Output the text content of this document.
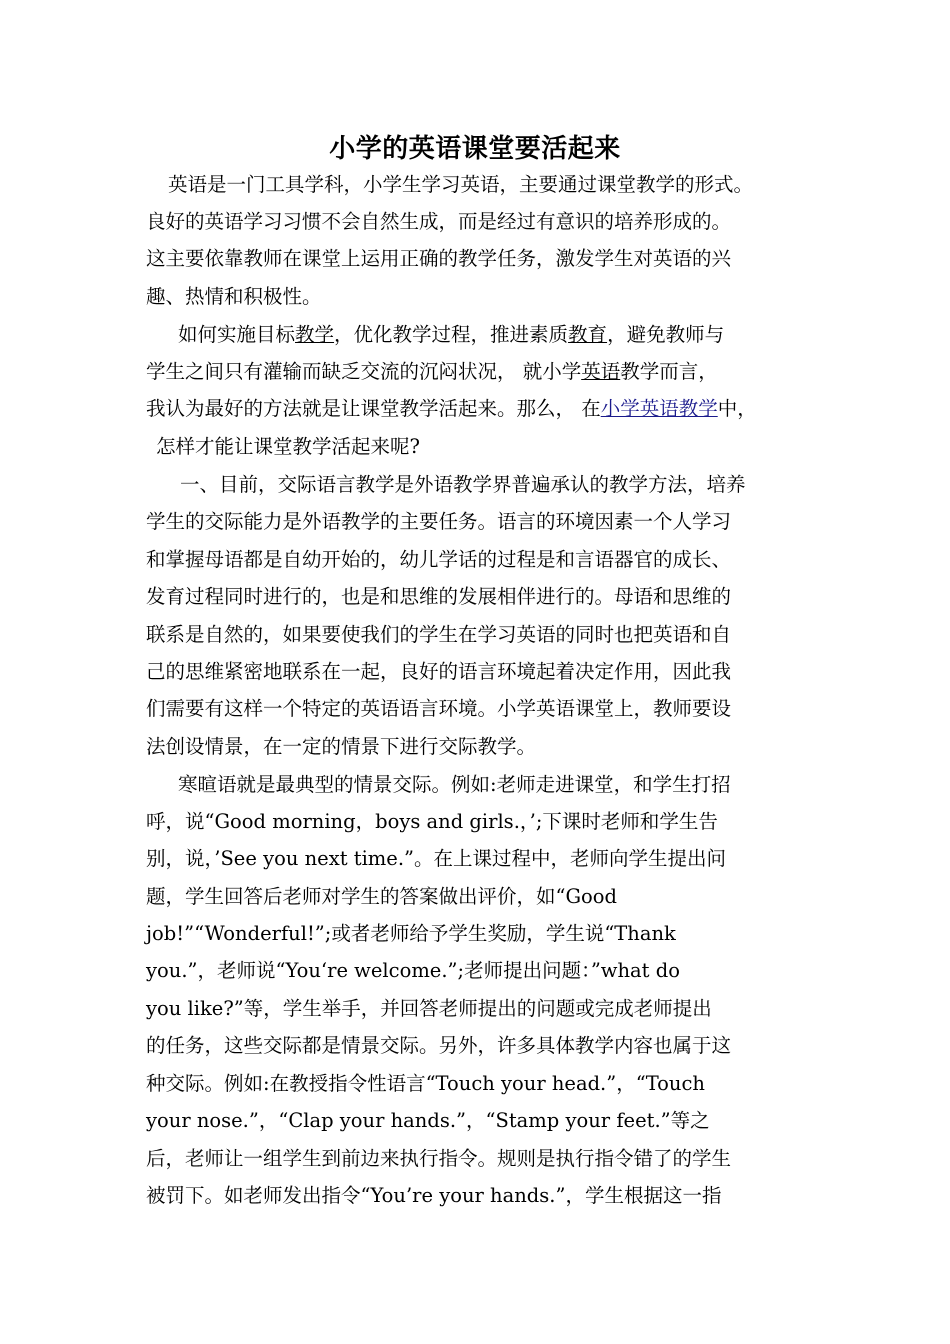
小学的英语课堂要活起来
英语是一门工具学科，小学生学习英语，主要通过课堂教学的形式。
良好的英语学习习惯不会自然生成，而是经过有意识的培养形成的。
这主要依靠教师在课堂上运用正确的教学任务，激发学生对英语的兴
趣、热情和积极性。
如何实施目标教学，优化教学过程，推进素质教育，避免教师与
学生之间只有灌输而缺乏交流的沉闷状况， 就小学英语教学而言，
我认为最好的方法就是让课堂教学活起来。那么， 在小学英语教学中，
怎样才能让课堂教学活起来呢?
一、目前，交际语言教学是外语教学界普遍承认的教学方法，培养
学生的交际能力是外语教学的主要任务。语言的环境因素一个人学习
和掌握母语都是自幼开始的，幼儿学话的过程是和言语器官的成长、
发育过程同时进行的，也是和思维的发展相伴进行的。母语和思维的
联系是自然的，如果要使我们的学生在学习英语的同时也把英语和自
己的思维紧密地联系在一起，良好的语言环境起着决定作用，因此我
们需要有这样一个特定的英语语言环境。小学英语课堂上，教师要设
法创设情景，在一定的情景下进行交际教学。
寒暄语就是最典型的情景交际。例如:老师走进课堂，和学生打招
呼，说“Good morning，boys and girls.，’;下课时老师和学生告
别，说，’See you next time.”。在上课过程中，老师向学生提出问
题，学生回答后老师对学生的答案做出评价，如“Good
job!”“Wonderful!”;或者老师给予学生奖励，学生说“Thank
you.”，老师说“You‘re welcome.”;老师提出问题：”what do
you like?”等，学生举手，并回答老师提出的问题或完成老师提出
的任务，这些交际都是情景交际。另外，许多具体教学内容也属于这
种交际。例如:在教授指令性语言“Touch your head.”，“Touch
your nose.”，“Clap your hands.”，“Stamp your feet.”等之
后，老师让一组学生到前边来执行指令。规则是执行指令错了的学生
被罚下。如老师发出指令“You’re your hands.”，学生根据这一指
